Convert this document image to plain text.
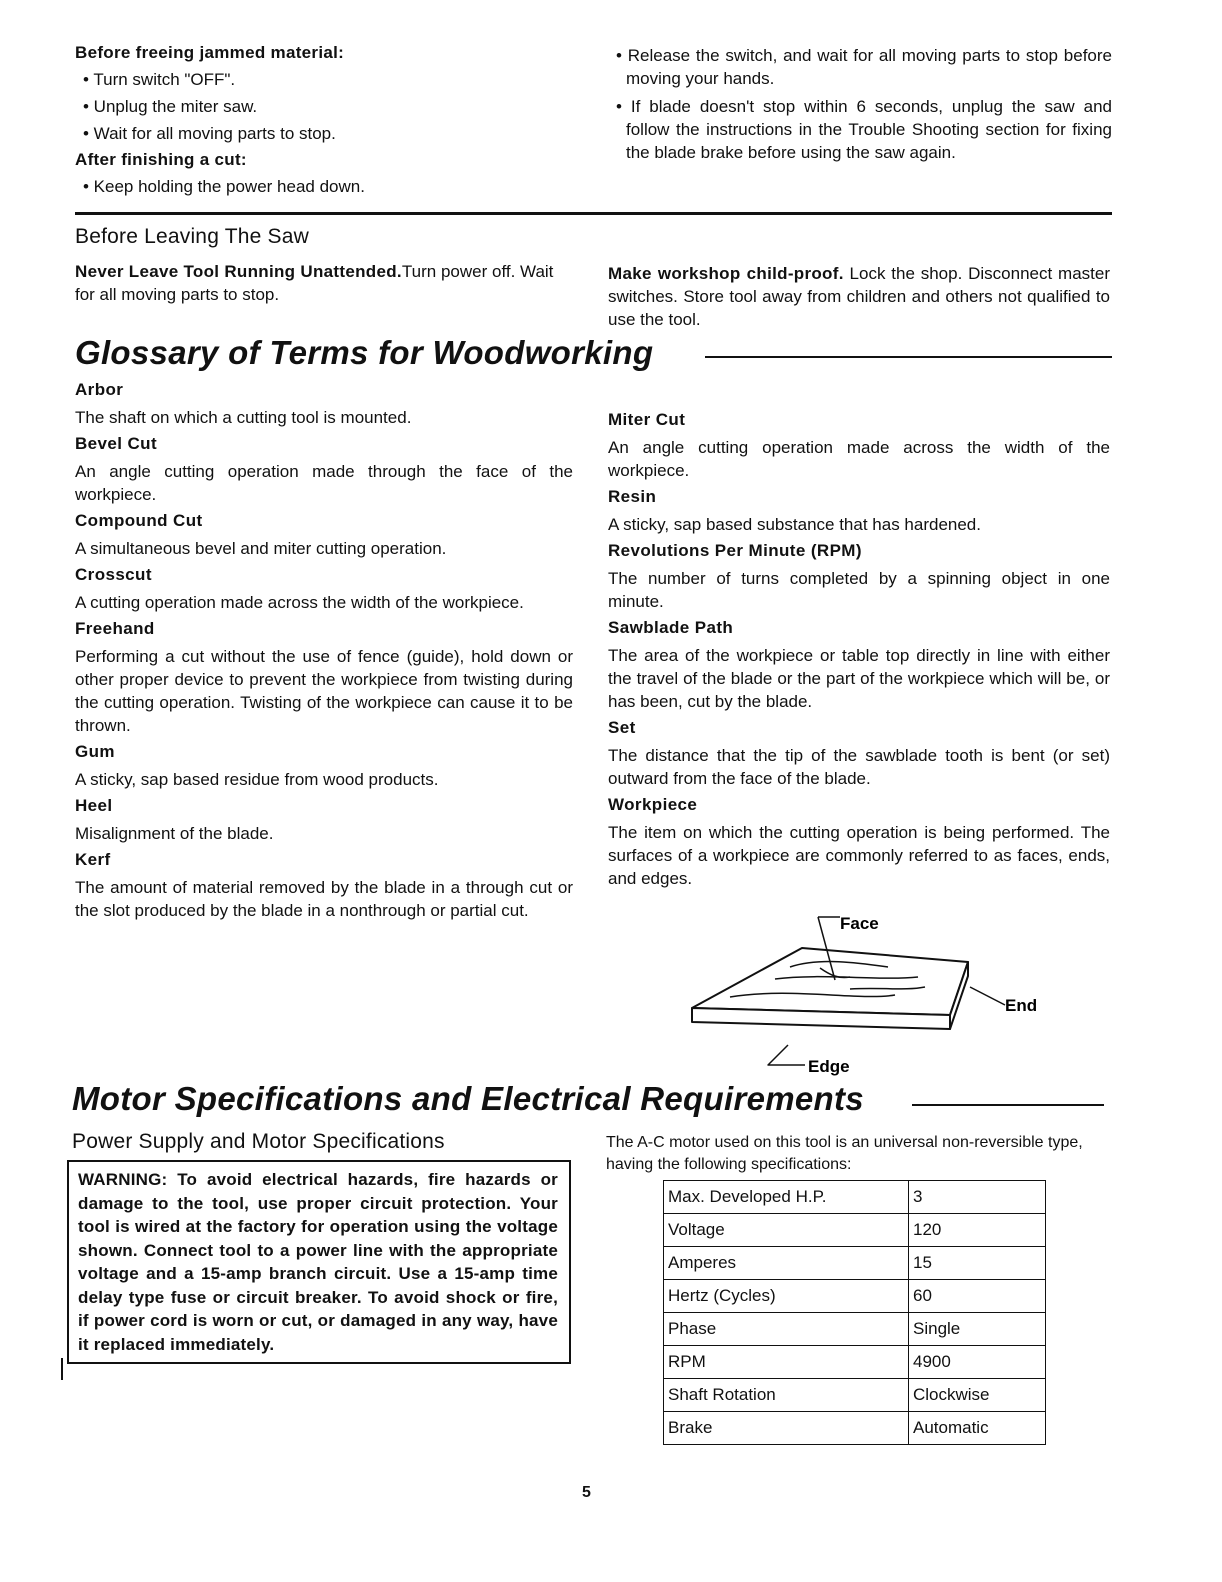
Before freeing jammed material:
• Turn switch "OFF".
• Unplug the miter saw.
• Wait for all moving parts to stop.
After finishing a cut:
• Keep holding the power head down.
• Release the switch, and wait for all moving parts to stop before moving your hands.
• If blade doesn't stop within 6 seconds, unplug the saw and follow the instructions in the Trouble Shooting section for fixing the blade brake before using the saw again.
Before Leaving The Saw
Never Leave Tool Running Unattended.Turn power off. Wait for all moving parts to stop.
Make workshop child-proof. Lock the shop. Disconnect master switches. Store tool away from children and others not qualified to use the tool.
Glossary of Terms for Woodworking
Arbor
The shaft on which a cutting tool is mounted.
Bevel Cut
An angle cutting operation made through the face of the workpiece.
Compound Cut
A simultaneous bevel and miter cutting operation.
Crosscut
A cutting operation made across the width of the workpiece.
Freehand
Performing a cut without the use of fence (guide), hold down or other proper device to prevent the workpiece from twisting during the cutting operation. Twisting of the workpiece can cause it to be thrown.
Gum
A sticky, sap based residue from wood products.
Heel
Misalignment of the blade.
Kerf
The amount of material removed by the blade in a through cut or the slot produced by the blade in a nonthrough or partial cut.
Miter Cut
An angle cutting operation made across the width of the workpiece.
Resin
A sticky, sap based substance that has hardened.
Revolutions Per Minute (RPM)
The number of turns completed by a spinning object in one minute.
Sawblade Path
The area of the workpiece or table top directly in line with either the travel of the blade or the part of the workpiece which will be, or has been, cut by the blade.
Set
The distance that the tip of the sawblade tooth is bent (or set) outward from the face of the blade.
Workpiece
The item on which the cutting operation is being performed. The surfaces of a workpiece are commonly referred to as faces, ends, and edges.
Face
End
Edge
Motor Specifications and Electrical Requirements
Power Supply and Motor Specifications
WARNING: To avoid electrical hazards, fire hazards or damage to the tool, use proper circuit protection. Your tool is wired at the factory for operation using the voltage shown. Connect tool to a power line with the appropriate voltage and a 15-amp branch circuit. Use a 15-amp time delay type fuse or circuit breaker. To avoid shock or fire, if power cord is worn or cut, or damaged in any way, have it replaced immediately.
The A-C motor used on this tool is an universal non-reversible type, having the following specifications:
Max. Developed H.P.	3
Voltage	120
Amperes	15
Hertz (Cycles)	60
Phase	Single
RPM	4900
Shaft Rotation	Clockwise
Brake	Automatic
5
